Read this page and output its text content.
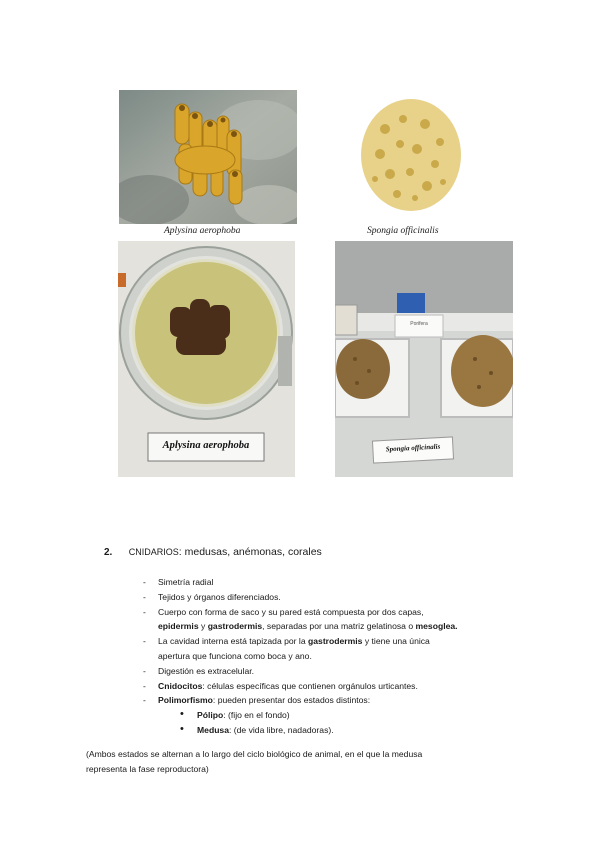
Aplysina aerophoba	Spongia officinalis
Aplysina aerophoba
Porifera
Spongia officinalis
2. CNIDARIOS: medusas, anémonas, corales
- Simetría radial
- Tejidos y órganos diferenciados.
- Cuerpo con forma de saco y su pared está compuesta por dos capas,
epidermis y gastrodermis, separadas por una matriz gelatinosa o mesoglea.
- La cavidad interna está tapizada por la gastrodermis y tiene una única
apertura que funciona como boca y ano.
- Digestión es extracelular.
- Cnidocitos: células específicas que contienen orgánulos urticantes.
- Polimorfismo: pueden presentar dos estados distintos:
• Pólipo: (fijo en el fondo)
• Medusa: (de vida libre, nadadoras).
(Ambos estados se alternan a lo largo del ciclo biológico de animal, en el que la medusa
representa la fase reproductora)
